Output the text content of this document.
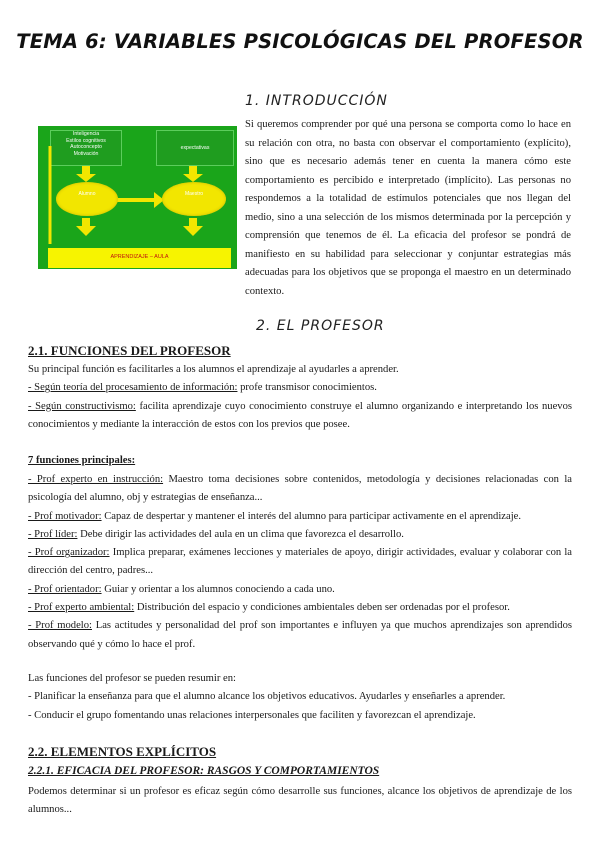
TEMA 6: VARIABLES PSICOLÓGICAS DEL PROFESOR
Inteligencia
Estilos cognitivos
Autoconcepto
Motivación
expectativas
Alumno	Maestro
APRENDIZAJE – AULA
1. INTRODUCCIÓN
Si queremos comprender por qué una persona se comporta como lo hace en su relación con otra, no basta con observar el comportamiento (explícito), sino que es necesario además tener en cuenta la manera cómo este comportamiento es percibido e interpretado (implícito). Las personas no respondemos a la totalidad de estímulos potenciales que nos llegan del medio, sino a una selección de los mismos determinada por la percepción y comprensión que tenemos de él. La eficacia del profesor se pondrá de manifiesto en su habilidad para seleccionar y conjuntar estrategias más adecuadas para los objetivos que se proponga el maestro en un determinado contexto.
2. EL PROFESOR
2.1. FUNCIONES DEL PROFESOR
Su principal función es facilitarles a los alumnos el aprendizaje al ayudarles a aprender.
- Según teoría del procesamiento de información: profe transmisor conocimientos.
- Según constructivismo: facilita aprendizaje cuyo conocimiento construye el alumno organizando e interpretando los nuevos conocimientos y mediante la interacción de estos con los previos que posee.
7 funciones principales:
- Prof experto en instrucción: Maestro toma decisiones sobre contenidos, metodología y decisiones relacionadas con la psicología del alumno, obj y estrategias de enseñanza...
- Prof motivador: Capaz de despertar y mantener el interés del alumno para participar activamente en el aprendizaje.
- Prof líder: Debe dirigir las actividades del aula en un clima que favorezca el desarrollo.
- Prof organizador: Implica preparar, exámenes lecciones y materiales de apoyo, dirigir actividades, evaluar y colaborar con la dirección del centro, padres...
- Prof orientador: Guiar y orientar a los alumnos conociendo a cada uno.
- Prof experto ambiental: Distribución del espacio y condiciones ambientales deben ser ordenadas por el profesor.
- Prof modelo: Las actitudes y personalidad del prof son importantes e influyen ya que muchos aprendizajes son aprendidos observando qué y cómo lo hace el prof.
Las funciones del profesor se pueden resumir en:
- Planificar la enseñanza para que el alumno alcance los objetivos educativos. Ayudarles y enseñarles a aprender.
- Conducir el grupo fomentando unas relaciones interpersonales que faciliten y favorezcan el aprendizaje.
2.2. ELEMENTOS EXPLÍCITOS
2.2.1. EFICACIA DEL PROFESOR: RASGOS Y COMPORTAMIENTOS
Podemos determinar si un profesor es eficaz según cómo desarrolle sus funciones, alcance los objetivos de aprendizaje de los alumnos...
